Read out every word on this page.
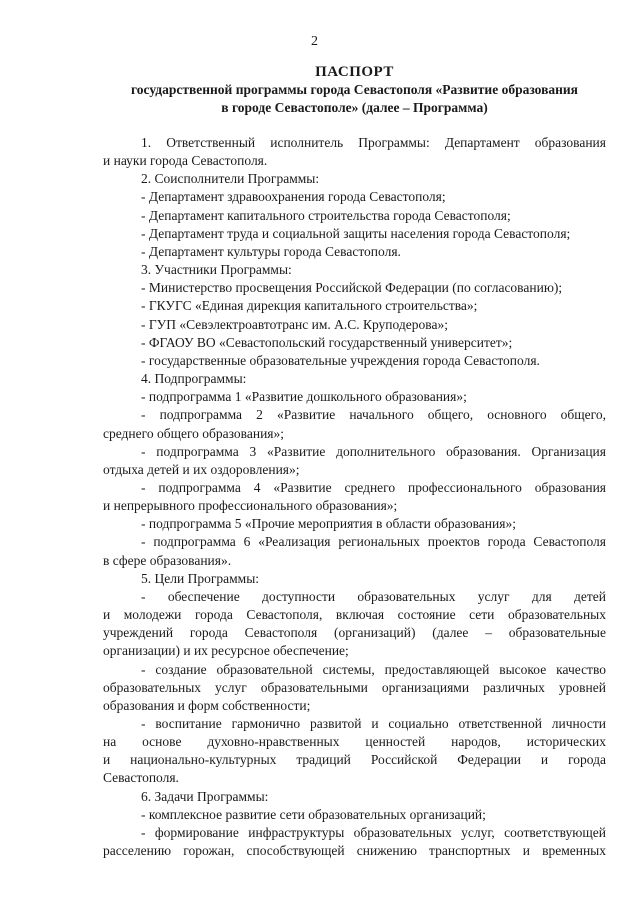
2
ПАСПОРТ
государственной программы города Севастополя «Развитие образования
в городе Севастополе» (далее – Программа)
1. Ответственный исполнитель Программы: Департамент образования
и науки города Севастополя.
2. Соисполнители Программы:
- Департамент здравоохранения города Севастополя;
- Департамент капитального строительства города Севастополя;
- Департамент труда и социальной защиты населения города Севастополя;
- Департамент культуры города Севастополя.
3. Участники Программы:
- Министерство просвещения Российской Федерации (по согласованию);
- ГКУГС «Единая дирекция капитального строительства»;
- ГУП «Севэлектроавтотранс им. А.С. Круподерова»;
- ФГАОУ ВО «Севастопольский государственный университет»;
- государственные образовательные учреждения города Севастополя.
4. Подпрограммы:
- подпрограмма 1 «Развитие дошкольного образования»;
- подпрограмма 2 «Развитие начального общего, основного общего,
среднего общего образования»;
- подпрограмма 3 «Развитие дополнительного образования. Организация
отдыха детей и их оздоровления»;
- подпрограмма 4 «Развитие среднего профессионального образования
и непрерывного профессионального образования»;
- подпрограмма 5 «Прочие мероприятия в области образования»;
- подпрограмма 6 «Реализация региональных проектов города Севастополя
в сфере образования».
5. Цели Программы:
- обеспечение доступности образовательных услуг для детей
и молодежи города Севастополя, включая состояние сети образовательных
учреждений города Севастополя (организаций) (далее – образовательные
организации) и их ресурсное обеспечение;
- создание образовательной системы, предоставляющей высокое качество
образовательных услуг образовательными организациями различных уровней
образования и форм собственности;
- воспитание гармонично развитой и социально ответственной личности
на основе духовно-нравственных ценностей народов, исторических
и национально-культурных традиций Российской Федерации и города
Севастополя.
6. Задачи Программы:
- комплексное развитие сети образовательных организаций;
- формирование инфраструктуры образовательных услуг, соответствующей
расселению горожан, способствующей снижению транспортных и временных
